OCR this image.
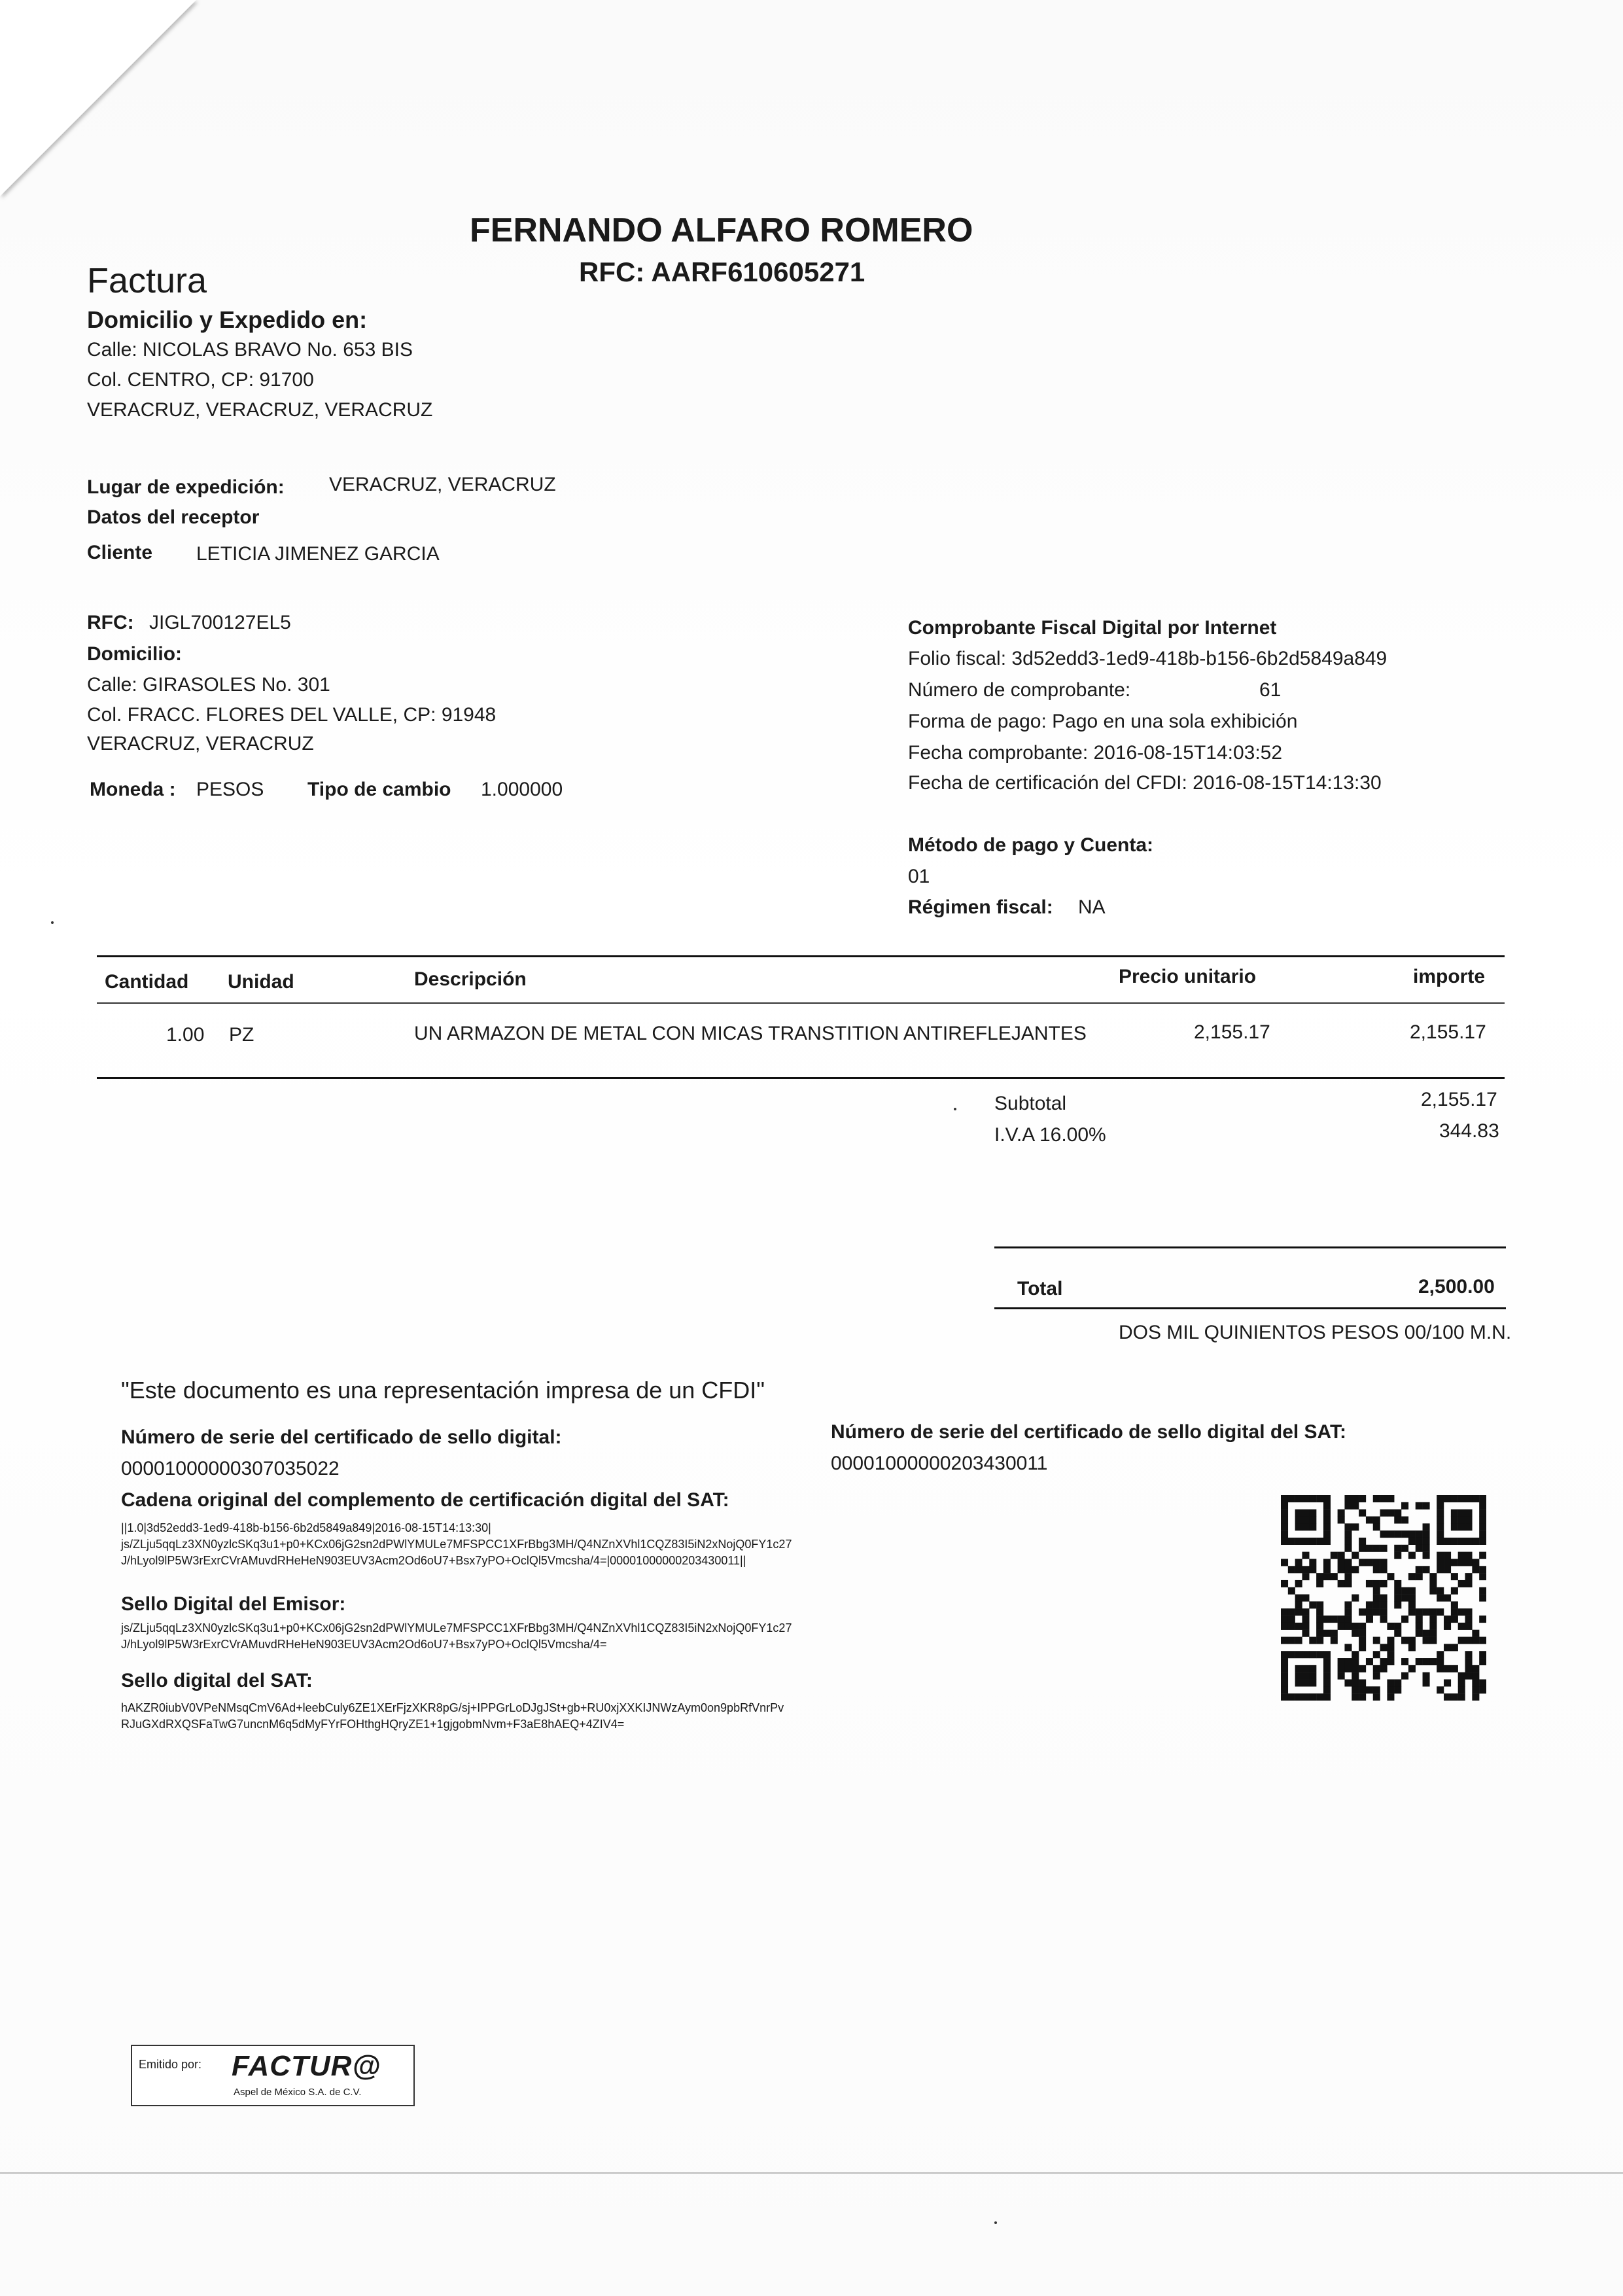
FERNANDO ALFARO ROMERO
RFC: AARF610605271
Factura
Domicilio y Expedido en:
Calle: NICOLAS BRAVO No. 653 BIS
Col. CENTRO, CP: 91700
VERACRUZ, VERACRUZ, VERACRUZ
Lugar de expedición: VERACRUZ, VERACRUZ
Datos del receptor
Cliente LETICIA JIMENEZ GARCIA
RFC: JIGL700127EL5
Domicilio:
Calle: GIRASOLES No. 301
Col. FRACC. FLORES DEL VALLE, CP: 91948
VERACRUZ, VERACRUZ
Moneda : PESOS Tipo de cambio 1.000000
Comprobante Fiscal Digital por Internet
Folio fiscal: 3d52edd3-1ed9-418b-b156-6b2d5849a849
Número de comprobante:	61
Forma de pago: Pago en una sola exhibición
Fecha comprobante: 2016-08-15T14:03:52
Fecha de certificación del CFDI: 2016-08-15T14:13:30
Método de pago y Cuenta:
01
Régimen fiscal: NA
Cantidad Unidad	Descripción	Precio unitario	importe
1.00 PZ	UN ARMAZON DE METAL CON MICAS TRANSTITION ANTIREFLEJANTES	2,155.17	2,155.17
Subtotal	2,155.17
I.V.A 16.00%	344.83
Total	2,500.00
DOS MIL QUINIENTOS PESOS 00/100 M.N.
"Este documento es una representación impresa de un CFDI"
Número de serie del certificado de sello digital:
00001000000307035022
Número de serie del certificado de sello digital del SAT:
00001000000203430011
Cadena original del complemento de certificación digital del SAT:
||1.0|3d52edd3-1ed9-418b-b156-6b2d5849a849|2016-08-15T14:13:30|
js/ZLju5qqLz3XN0yzlcSKq3u1+p0+KCx06jG2sn2dPWlYMULe7MFSPCC1XFrBbg3MH/Q4NZnXVhl1CQZ83I5iN2xNojQ0FY1c27
J/hLyol9lP5W3rExrCVrAMuvdRHeHeN903EUV3Acm2Od6oU7+Bsx7yPO+OclQl5Vmcsha/4=|00001000000203430011||
Sello Digital del Emisor:
js/ZLju5qqLz3XN0yzlcSKq3u1+p0+KCx06jG2sn2dPWlYMULe7MFSPCC1XFrBbg3MH/Q4NZnXVhl1CQZ83I5iN2xNojQ0FY1c27
J/hLyol9lP5W3rExrCVrAMuvdRHeHeN903EUV3Acm2Od6oU7+Bsx7yPO+OclQl5Vmcsha/4=
Sello digital del SAT:
hAKZR0iubV0VPeNMsqCmV6Ad+leebCuly6ZE1XErFjzXKR8pG/sj+IPPGrLoDJgJSt+gb+RU0xjXXKIJNWzAym0on9pbRfVnrPv
RJuGXdRXQSFaTwG7uncnM6q5dMyFYrFOHthgHQryZE1+1gjgobmNvm+F3aE8hAEQ+4ZIV4=
Emitido por: FACTUR@
Aspel de México S.A. de C.V.
